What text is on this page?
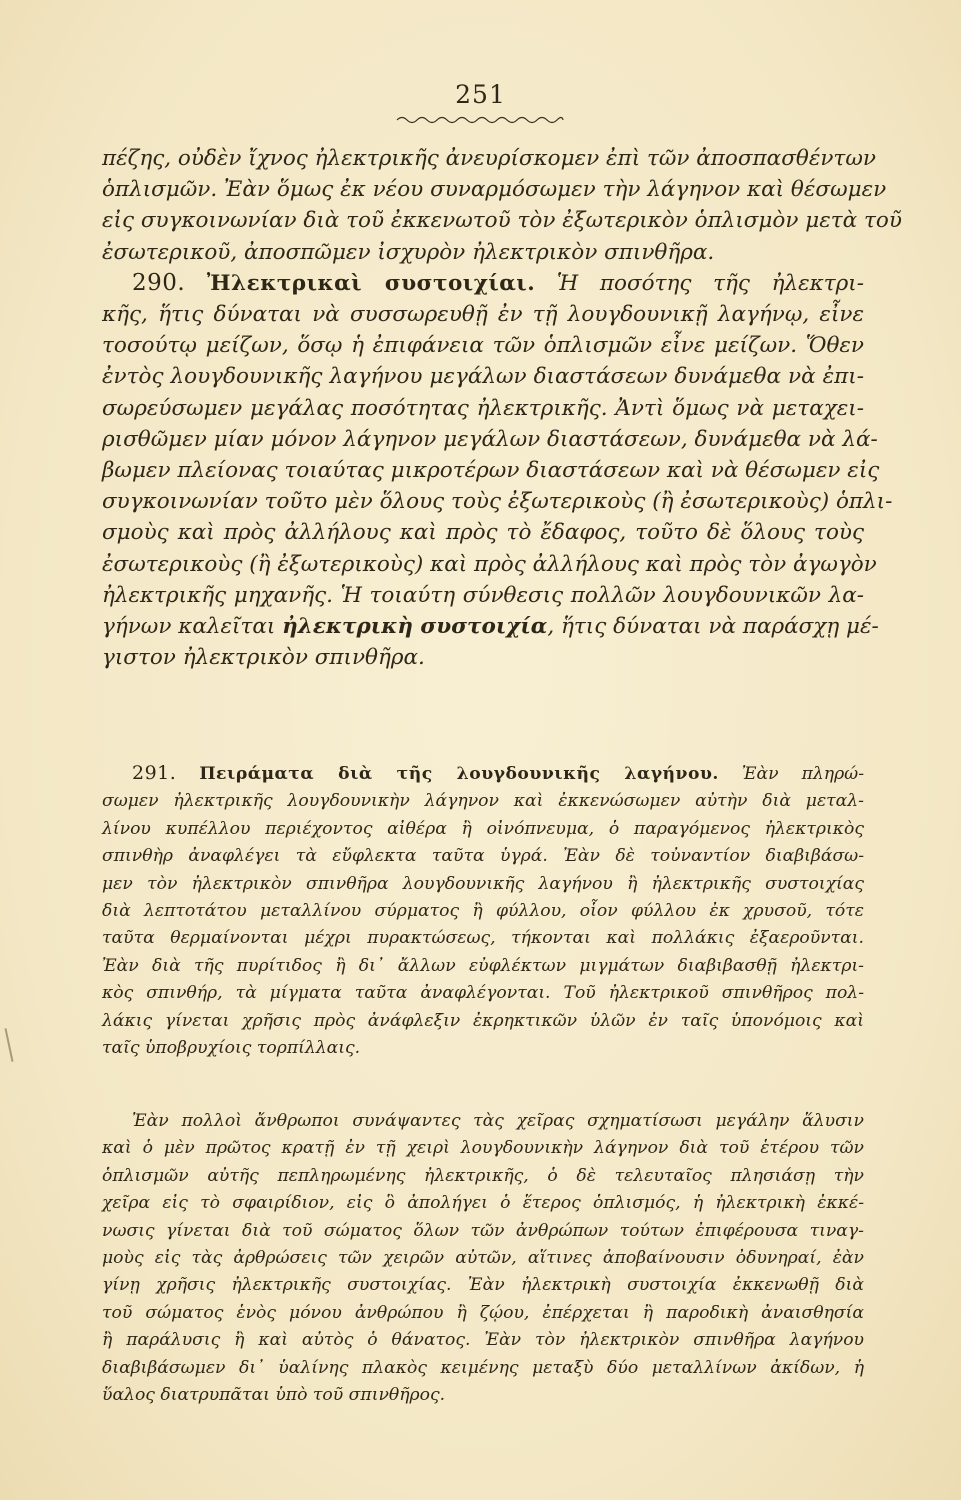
251
πέζης, οὐδὲν ἴχνος ἠλεκτρικῆς ἀνευρίσκομεν ἐπὶ τῶν ἀποσπασθέντων
ὁπλισμῶν. Ἐὰν ὅμως ἐκ νέου συναρμόσωμεν τὴν λάγηνον καὶ θέσωμεν
εἰς συγκοινωνίαν διὰ τοῦ ἐκκενωτοῦ τὸν ἐξωτερικὸν ὁπλισμὸν μετὰ τοῦ
ἐσωτερικοῦ, ἀποσπῶμεν ἰσχυρὸν ἠλεκτρικὸν σπινθῆρα.
290. Ἠλεκτρικαὶ συστοιχίαι. Ἡ ποσότης τῆς ἠλεκτρι-
κῆς, ἥτις δύναται νὰ συσσωρευθῇ ἐν τῇ λουγδουνικῇ λαγήνῳ, εἶνε
τοσούτῳ μείζων, ὅσῳ ἡ ἐπιφάνεια τῶν ὁπλισμῶν εἶνε μείζων. Ὅθεν
ἐντὸς λουγδουνικῆς λαγήνου μεγάλων διαστάσεων δυνάμεθα νὰ ἐπι-
σωρεύσωμεν μεγάλας ποσότητας ἠλεκτρικῆς. Ἀντὶ ὅμως νὰ μεταχει-
ρισθῶμεν μίαν μόνον λάγηνον μεγάλων διαστάσεων, δυνάμεθα νὰ λά-
βωμεν πλείονας τοιαύτας μικροτέρων διαστάσεων καὶ νὰ θέσωμεν εἰς
συγκοινωνίαν τοῦτο μὲν ὅλους τοὺς ἐξωτερικοὺς (ἢ ἐσωτερικοὺς) ὁπλι-
σμοὺς καὶ πρὸς ἀλλήλους καὶ πρὸς τὸ ἔδαφος, τοῦτο δὲ ὅλους τοὺς
ἐσωτερικοὺς (ἢ ἐξωτερικοὺς) καὶ πρὸς ἀλλήλους καὶ πρὸς τὸν ἀγωγὸν
ἠλεκτρικῆς μηχανῆς. Ἡ τοιαύτη σύνθεσις πολλῶν λουγδουνικῶν λα-
γήνων καλεῖται ἠλεκτρικὴ συστοιχία, ἥτις δύναται νὰ παράσχῃ μέ-
γιστον ἠλεκτρικὸν σπινθῆρα.
291. Πειράματα διὰ τῆς λουγδουνικῆς λαγήνου. Ἐὰν πληρώ-
σωμεν ἠλεκτρικῆς λουγδουνικὴν λάγηνον καὶ ἐκκενώσωμεν αὐτὴν διὰ μεταλ-
λίνου κυπέλλου περιέχοντος αἰθέρα ἢ οἰνόπνευμα, ὁ παραγόμενος ἠλεκτρικὸς
σπινθὴρ ἀναφλέγει τὰ εὔφλεκτα ταῦτα ὑγρά. Ἐὰν δὲ τοὐναντίον διαβιβάσω-
μεν τὸν ἠλεκτρικὸν σπινθῆρα λουγδουνικῆς λαγήνου ἢ ἠλεκτρικῆς συστοιχίας
διὰ λεπτοτάτου μεταλλίνου σύρματος ἢ φύλλου, οἷον φύλλου ἐκ χρυσοῦ, τότε
ταῦτα θερμαίνονται μέχρι πυρακτώσεως, τήκονται καὶ πολλάκις ἐξαεροῦνται.
Ἐὰν διὰ τῆς πυρίτιδος ἢ δι᾽ ἄλλων εὐφλέκτων μιγμάτων διαβιβασθῇ ἠλεκτρι-
κὸς σπινθήρ, τὰ μίγματα ταῦτα ἀναφλέγονται. Τοῦ ἠλεκτρικοῦ σπινθῆρος πολ-
λάκις γίνεται χρῆσις πρὸς ἀνάφλεξιν ἐκρηκτικῶν ὑλῶν ἐν ταῖς ὑπονόμοις καὶ
ταῖς ὑποβρυχίοις τορπίλλαις.
Ἐὰν πολλοὶ ἄνθρωποι συνάψαντες τὰς χεῖρας σχηματίσωσι μεγάλην ἅλυσιν
καὶ ὁ μὲν πρῶτος κρατῇ ἐν τῇ χειρὶ λουγδουνικὴν λάγηνον διὰ τοῦ ἑτέρου τῶν
ὁπλισμῶν αὐτῆς πεπληρωμένης ἠλεκτρικῆς, ὁ δὲ τελευταῖος πλησιάσῃ τὴν
χεῖρα εἰς τὸ σφαιρίδιον, εἰς ὃ ἀπολήγει ὁ ἕτερος ὁπλισμός, ἡ ἠλεκτρικὴ ἐκκέ-
νωσις γίνεται διὰ τοῦ σώματος ὅλων τῶν ἀνθρώπων τούτων ἐπιφέρουσα τιναγ-
μοὺς εἰς τὰς ἀρθρώσεις τῶν χειρῶν αὐτῶν, αἵτινες ἀποβαίνουσιν ὀδυνηραί, ἐὰν
γίνῃ χρῆσις ἠλεκτρικῆς συστοιχίας. Ἐὰν ἠλεκτρικὴ συστοιχία ἐκκενωθῇ διὰ
τοῦ σώματος ἑνὸς μόνου ἀνθρώπου ἢ ζῴου, ἐπέρχεται ἢ παροδικὴ ἀναισθησία
ἢ παράλυσις ἢ καὶ αὐτὸς ὁ θάνατος. Ἐὰν τὸν ἠλεκτρικὸν σπινθῆρα λαγήνου
διαβιβάσωμεν δι᾽ ὑαλίνης πλακὸς κειμένης μεταξὺ δύο μεταλλίνων ἀκίδων, ἡ
ὕαλος διατρυπᾶται ὑπὸ τοῦ σπινθῆρος.
